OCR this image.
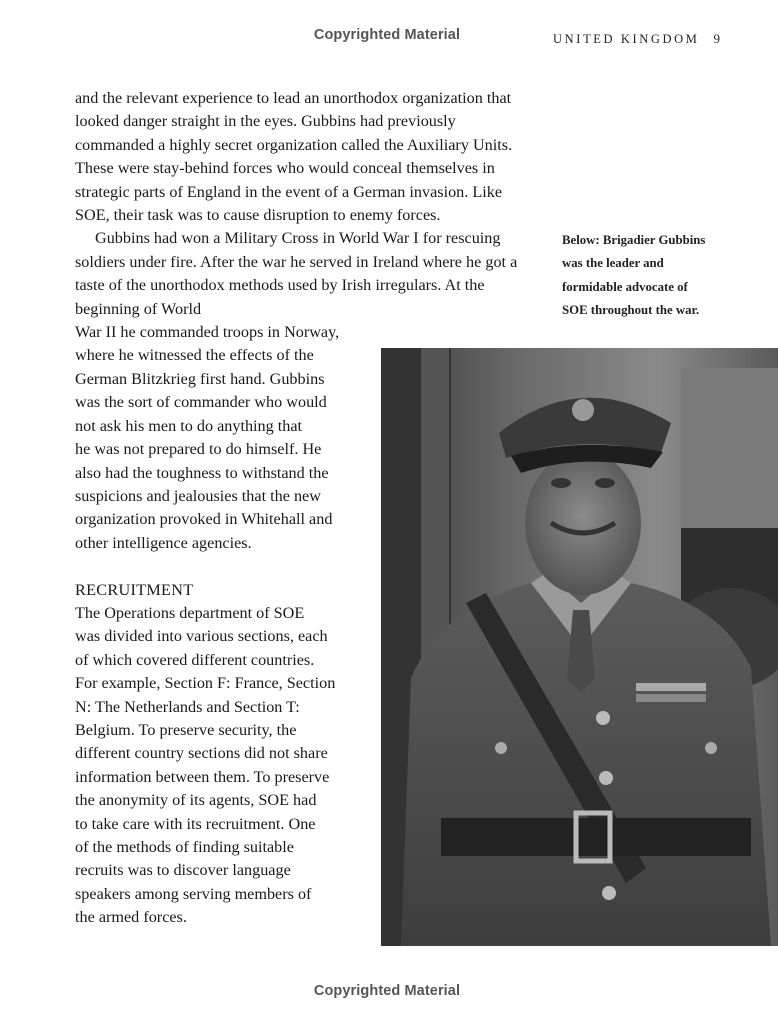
Copyrighted Material	UNITED KINGDOM 9

and the relevant experience to lead an unorthodox organization that looked danger straight in the eyes. Gubbins had previously commanded a highly secret organization called the Auxiliary Units. These were stay-behind forces who would conceal themselves in strategic parts of England in the event of a German invasion. Like SOE, their task was to cause disruption to enemy forces.

Gubbins had won a Military Cross in World War I for rescuing soldiers under fire. After the war he served in Ireland where he got a taste of the unorthodox methods used by Irish irregulars. At the beginning of World

War II he commanded troops in Norway,
where he witnessed the effects of the
German Blitzkrieg first hand. Gubbins
was the sort of commander who would
not ask his men to do anything that
he was not prepared to do himself. He
also had the toughness to withstand the
suspicions and jealousies that the new
organization provoked in Whitehall and
other intelligence agencies.

RECRUITMENT

The Operations department of SOE
was divided into various sections, each
of which covered different countries.
For example, Section F: France, Section
N: The Netherlands and Section T:
Belgium. To preserve security, the
different country sections did not share
information between them. To preserve
the anonymity of its agents, SOE had
to take care with its recruitment. One
of the methods of finding suitable
recruits was to discover language
speakers among serving members of
the armed forces.

Below: Brigadier Gubbins
was the leader and
formidable advocate of
SOE throughout the war.
Copyrighted Material
